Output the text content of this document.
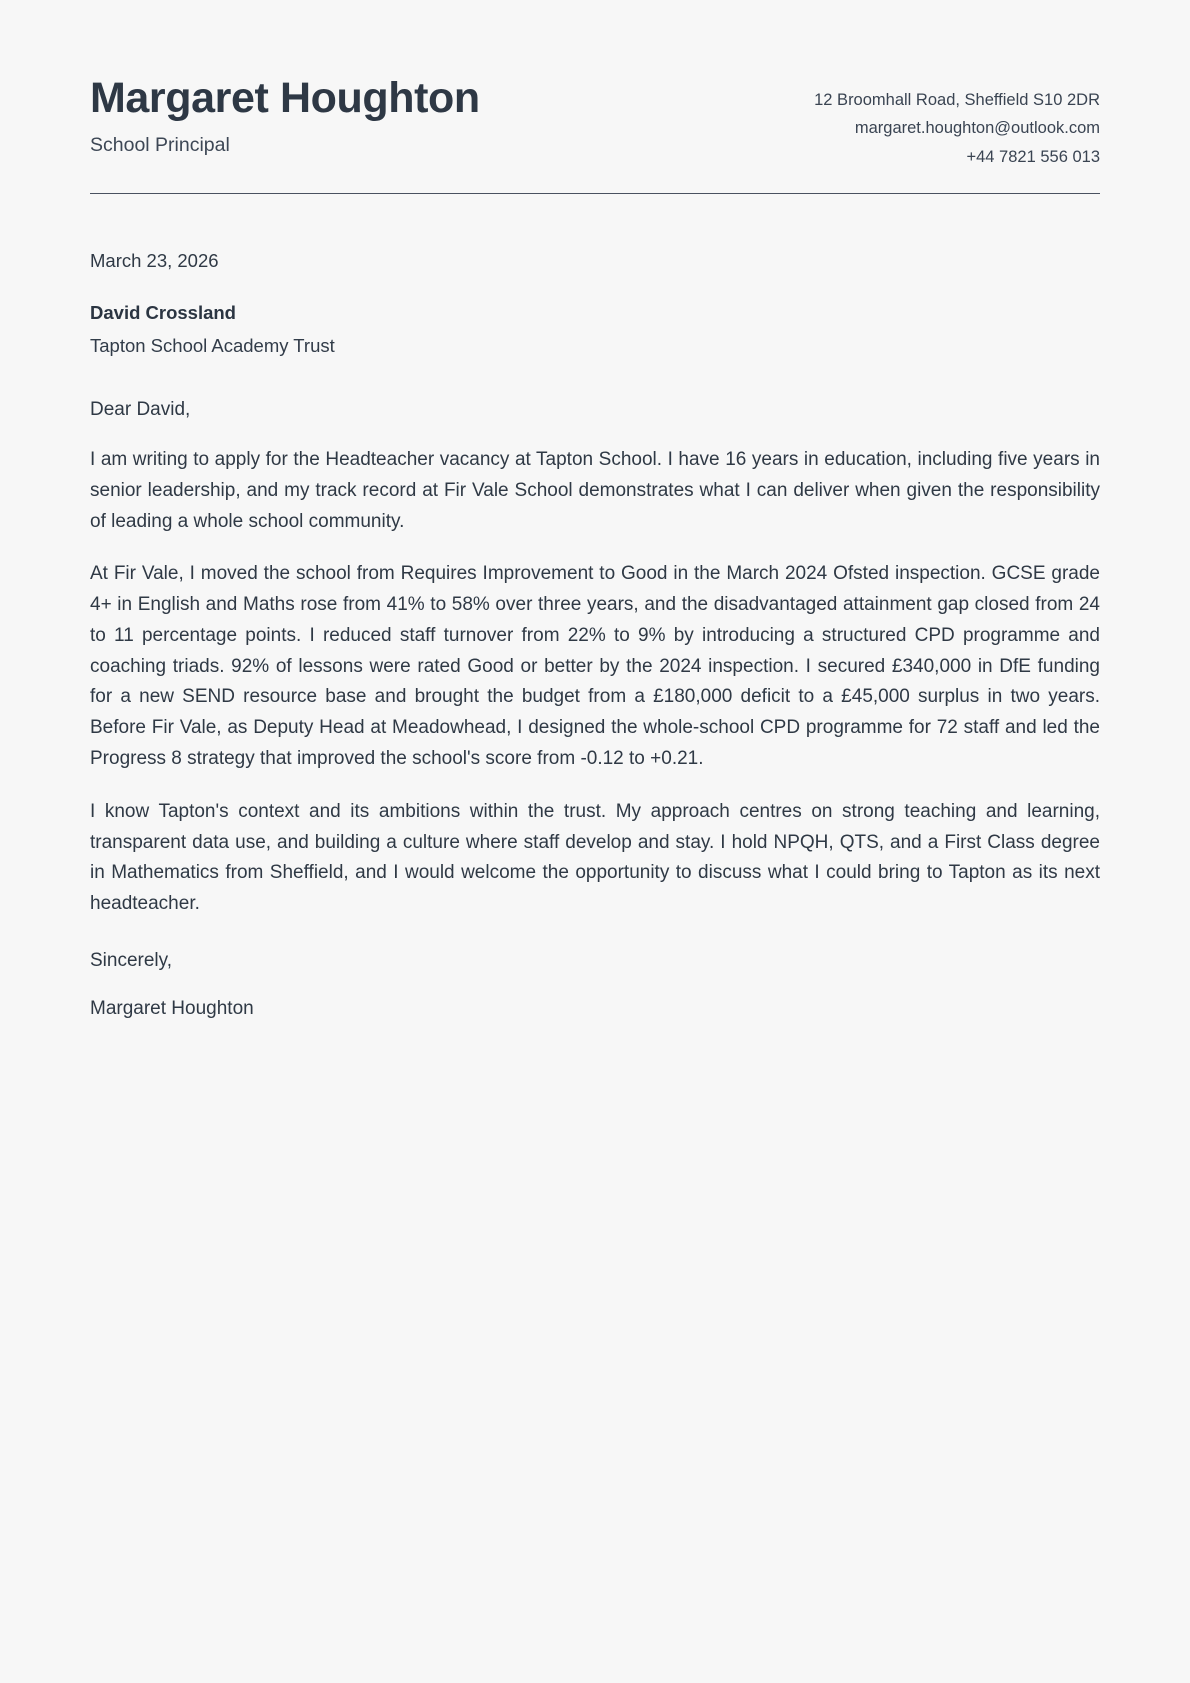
Margaret Houghton
School Principal
12 Broomhall Road, Sheffield S10 2DR
margaret.houghton@outlook.com
+44 7821 556 013
March 23, 2026
David Crossland
Tapton School Academy Trust
Dear David,

I am writing to apply for the Headteacher vacancy at Tapton School. I have 16 years in education, including five years in senior leadership, and my track record at Fir Vale School demonstrates what I can deliver when given the responsibility of leading a whole school community.

At Fir Vale, I moved the school from Requires Improvement to Good in the March 2024 Ofsted inspection. GCSE grade 4+ in English and Maths rose from 41% to 58% over three years, and the disadvantaged attainment gap closed from 24 to 11 percentage points. I reduced staff turnover from 22% to 9% by introducing a structured CPD programme and coaching triads. 92% of lessons were rated Good or better by the 2024 inspection. I secured £340,000 in DfE funding for a new SEND resource base and brought the budget from a £180,000 deficit to a £45,000 surplus in two years. Before Fir Vale, as Deputy Head at Meadowhead, I designed the whole-school CPD programme for 72 staff and led the Progress 8 strategy that improved the school's score from -0.12 to +0.21.

I know Tapton's context and its ambitions within the trust. My approach centres on strong teaching and learning, transparent data use, and building a culture where staff develop and stay. I hold NPQH, QTS, and a First Class degree in Mathematics from Sheffield, and I would welcome the opportunity to discuss what I could bring to Tapton as its next headteacher.

Sincerely,
Margaret Houghton
